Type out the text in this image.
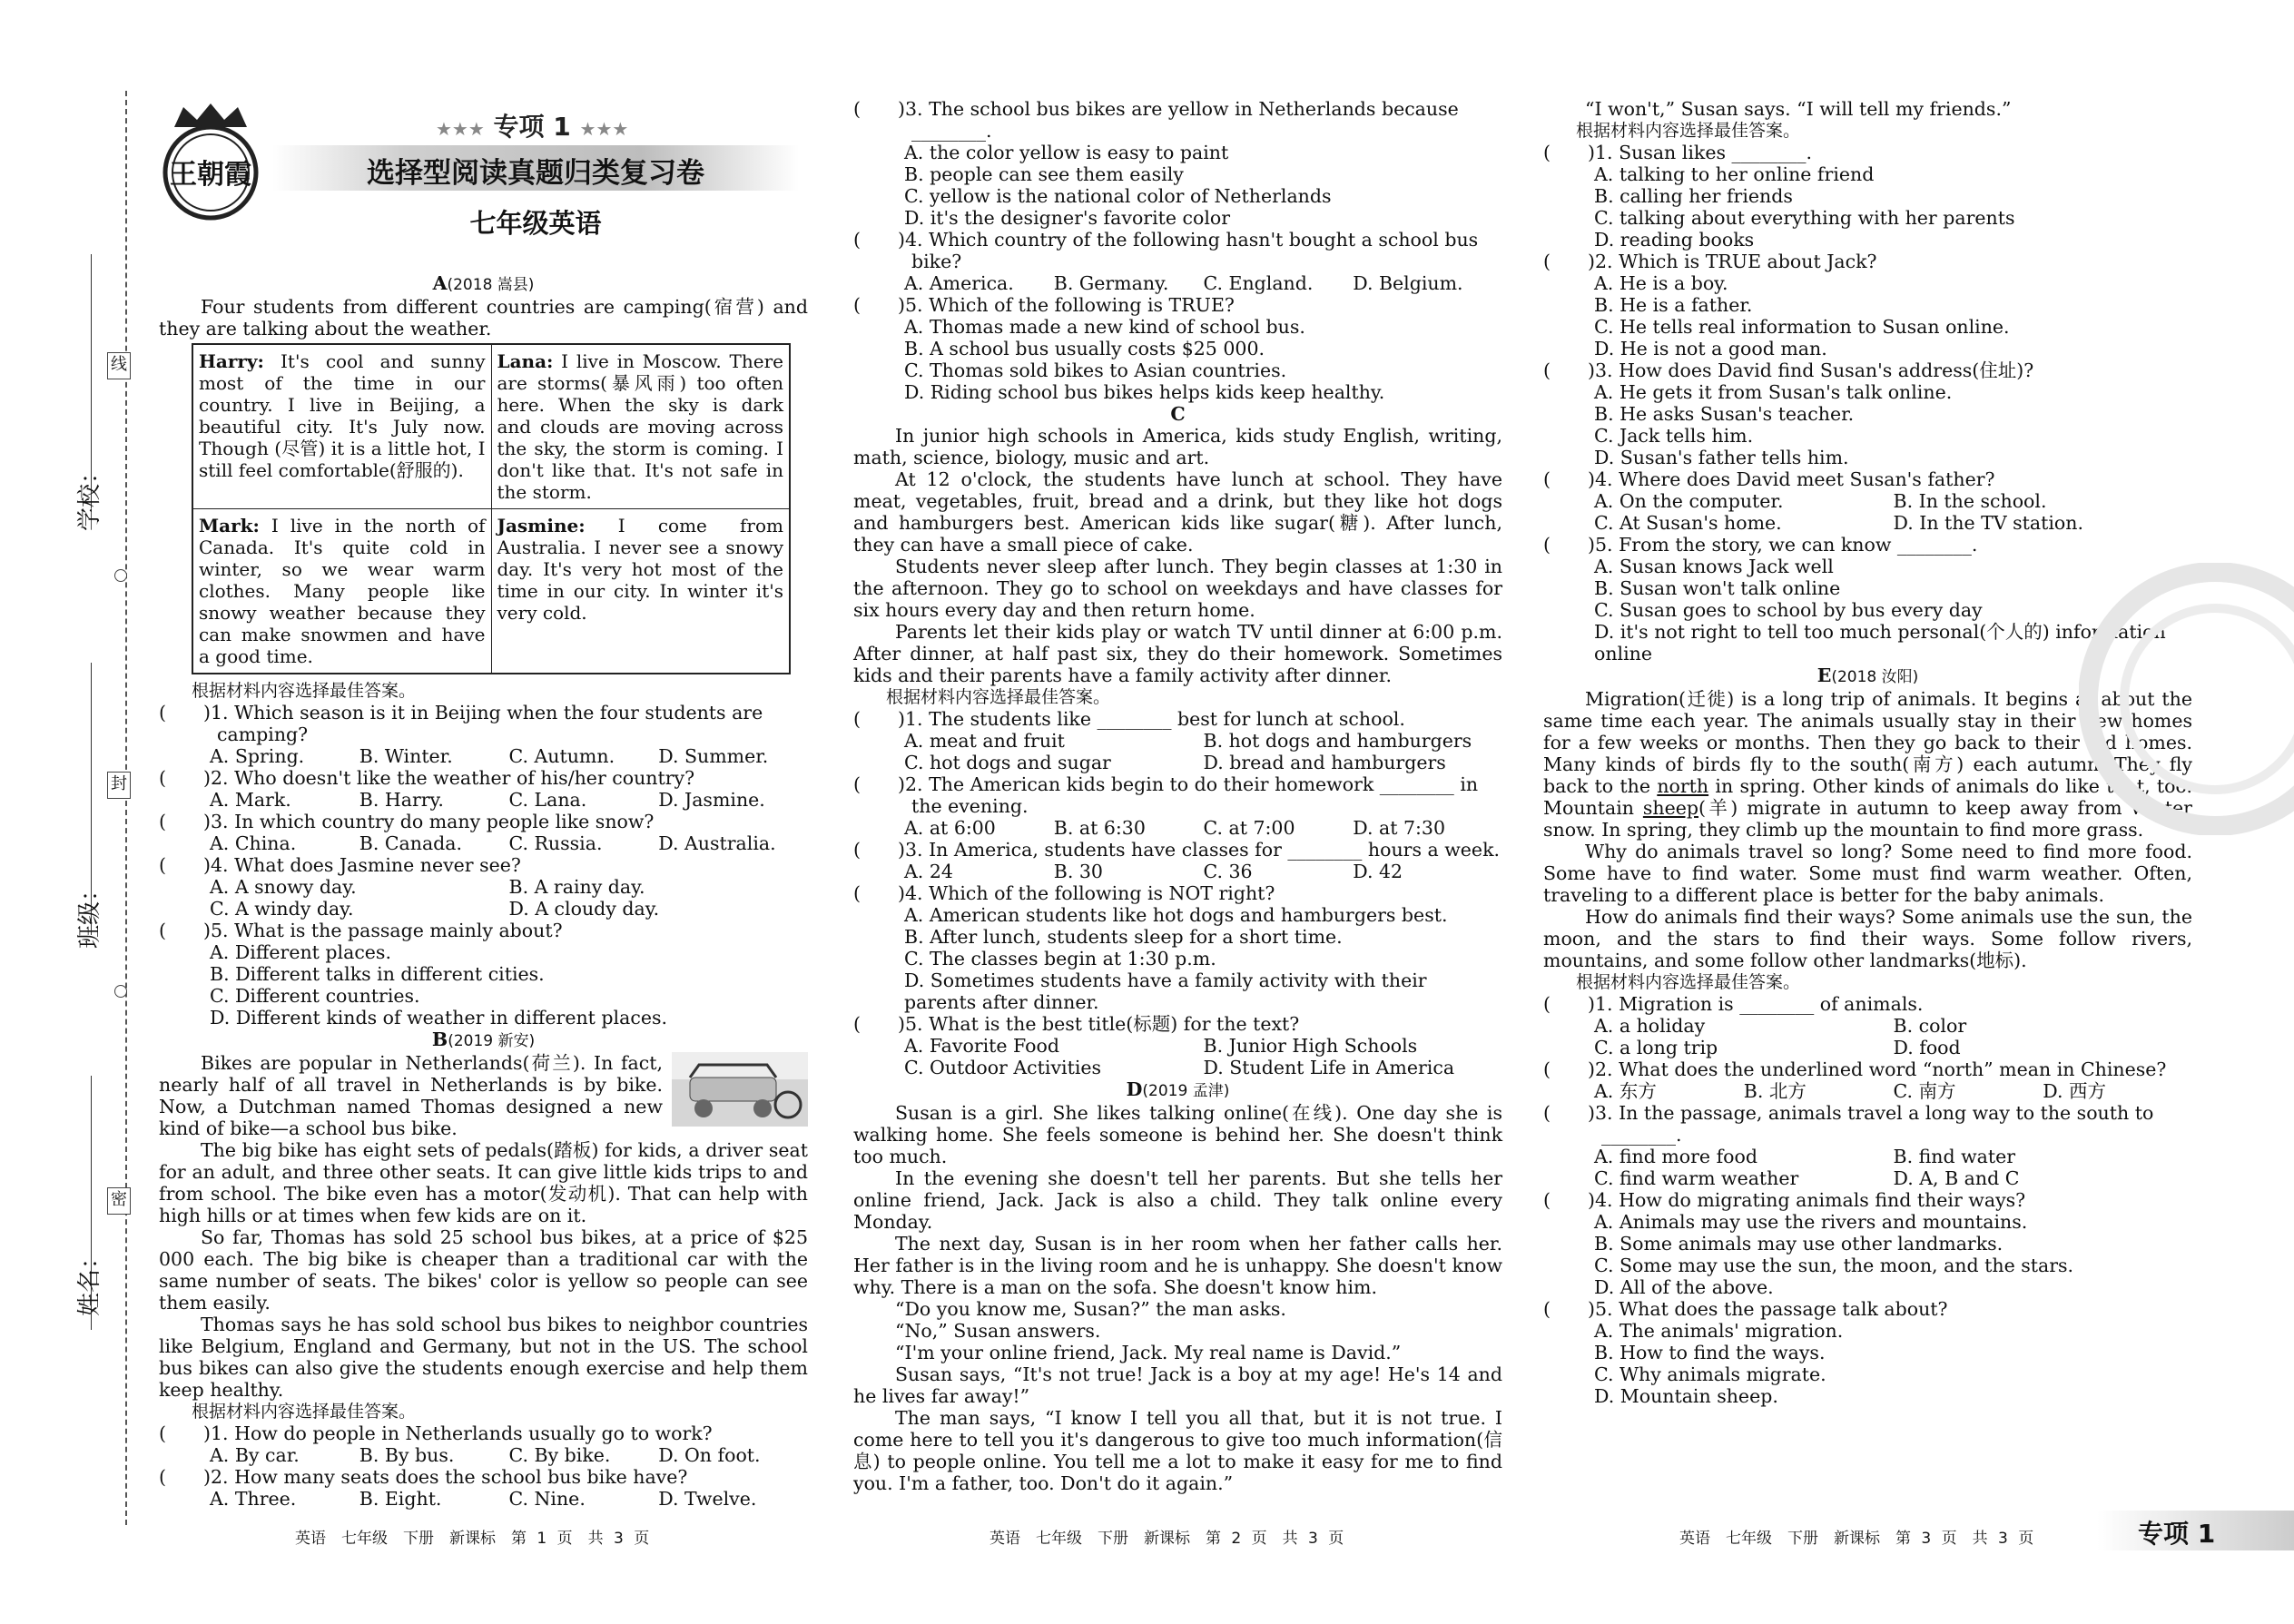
学校：
班级：
姓名：
线
封
密
王朝霞
★★★ 专项 1 ★★★
选择型阅读真题归类复习卷
七年级英语

A(2018 嵩县)

Four students from different countries are camping(宿营) and they are talking about the weather.

Harry: It's cool and sunny most of the time in our country. I live in Beijing, a beautiful city. It's July now. Though (尽管) it is a little hot, I still feel comfortable(舒服的).	Lana: I live in Moscow. There are storms(暴风雨) too often here. When the sky is dark and clouds are moving across the sky, the storm is coming. I don't like that. It's not safe in the storm.
Mark: I live in the north of Canada. It's quite cold in winter, so we wear warm clothes. Many people like snowy weather because they can make snowmen and have a good time.	Jasmine: I come from Australia. I never see a snowy day. It's very hot most of the time in our city. In winter it's very cold.

根据材料内容选择最佳答案。

(　　)1. Which season is it in Beijing when the four students are camping?

A. Spring.	B. Winter.	C. Autumn.	D. Summer.

(　　)2. Who doesn't like the weather of his/her country?

A. Mark.	B. Harry.	C. Lana.	D. Jasmine.

(　　)3. In which country do many people like snow?

A. China.	B. Canada.	C. Russia.	D. Australia.

(　　)4. What does Jasmine never see?

A. A snowy day.	B. A rainy day.
C. A windy day.	D. A cloudy day.

(　　)5. What is the passage mainly about?

A. Different places.

B. Different talks in different cities.

C. Different countries.

D. Different kinds of weather in different places.

B(2019 新安)

Bikes are popular in Netherlands(荷兰). In fact, nearly half of all travel in Netherlands is by bike. Now, a Dutchman named Thomas designed a new kind of bike—a school bus bike.

The big bike has eight sets of pedals(踏板) for kids, a driver seat for an adult, and three other seats. It can give little kids trips to and from school. The bike even has a motor(发动机). That can help with high hills or at times when few kids are on it.

So far, Thomas has sold 25 school bus bikes, at a price of $25 000 each. The big bike is cheaper than a traditional car with the same number of seats. The bikes' color is yellow so people can see them easily.

Thomas says he has sold school bus bikes to neighbor countries like Belgium, England and Germany, but not in the US. The school bus bikes can also give the students enough exercise and help them keep healthy.

根据材料内容选择最佳答案。

(　　)1. How do people in Netherlands usually go to work?

A. By car.	B. By bus.	C. By bike.	D. On foot.

(　　)2. How many seats does the school bus bike have?

A. Three.	B. Eight.	C. Nine.	D. Twelve.

(　　)3. The school bus bikes are yellow in Netherlands because ________.

A. the color yellow is easy to paint

B. people can see them easily

C. yellow is the national color of Netherlands

D. it's the designer's favorite color

(　　)4. Which country of the following hasn't bought a school bus bike?

A. America.	B. Germany.	C. England.	D. Belgium.

(　　)5. Which of the following is TRUE?

A. Thomas made a new kind of school bus.

B. A school bus usually costs $25 000.

C. Thomas sold bikes to Asian countries.

D. Riding school bus bikes helps kids keep healthy.

C

In junior high schools in America, kids study English, writing, math, science, biology, music and art.

At 12 o'clock, the students have lunch at school. They have meat, vegetables, fruit, bread and a drink, but they like hot dogs and hamburgers best. American kids like sugar(糖). After lunch, they can have a small piece of cake.

Students never sleep after lunch. They begin classes at 1:30 in the afternoon. They go to school on weekdays and have classes for six hours every day and then return home.

Parents let their kids play or watch TV until dinner at 6:00 p.m. After dinner, at half past six, they do their homework. Sometimes kids and their parents have a family activity after dinner.

根据材料内容选择最佳答案。

(　　)1. The students like ________ best for lunch at school.

A. meat and fruit	B. hot dogs and hamburgers
C. hot dogs and sugar	D. bread and hamburgers

(　　)2. The American kids begin to do their homework ________ in the evening.

A. at 6:00	B. at 6:30	C. at 7:00	D. at 7:30

(　　)3. In America, students have classes for ________ hours a week.

A. 24	B. 30	C. 36	D. 42

(　　)4. Which of the following is NOT right?

A. American students like hot dogs and hamburgers best.

B. After lunch, students sleep for a short time.

C. The classes begin at 1:30 p.m.

D. Sometimes students have a family activity with their parents after dinner.

(　　)5. What is the best title(标题) for the text?

A. Favorite Food	B. Junior High Schools
C. Outdoor Activities	D. Student Life in America

D(2019 孟津)

Susan is a girl. She likes talking online(在线). One day she is walking home. She feels someone is behind her. She doesn't think too much.

In the evening she doesn't tell her parents. But she tells her online friend, Jack. Jack is also a child. They talk online every Monday.

The next day, Susan is in her room when her father calls her. Her father is in the living room and he is unhappy. She doesn't know why. There is a man on the sofa. She doesn't know him.

“Do you know me, Susan?” the man asks.

“No,” Susan answers.

“I'm your online friend, Jack. My real name is David.”

Susan says, “It's not true! Jack is a boy at my age! He's 14 and he lives far away!”

The man says, “I know I tell you all that, but it is not true. I come here to tell you it's dangerous to give too much information(信息) to people online. You tell me a lot to make it easy for me to find you. I'm a father, too. Don't do it again.”

“I won't,” Susan says. “I will tell my friends.”

根据材料内容选择最佳答案。

(　　)1. Susan likes ________.

A. talking to her online friend

B. calling her friends

C. talking about everything with her parents

D. reading books

(　　)2. Which is TRUE about Jack?

A. He is a boy.

B. He is a father.

C. He tells real information to Susan online.

D. He is not a good man.

(　　)3. How does David find Susan's address(住址)?

A. He gets it from Susan's talk online.

B. He asks Susan's teacher.

C. Jack tells him.

D. Susan's father tells him.

(　　)4. Where does David meet Susan's father?

A. On the computer.	B. In the school.
C. At Susan's home.	D. In the TV station.

(　　)5. From the story, we can know ________.

A. Susan knows Jack well

B. Susan won't talk online

C. Susan goes to school by bus every day

D. it's not right to tell too much personal(个人的) information online

E(2018 汝阳)

Migration(迁徙) is a long trip of animals. It begins at about the same time each year. The animals usually stay in their new homes for a few weeks or months. Then they go back to their old homes. Many kinds of birds fly to the south(南方) each autumn. They fly back to the north in spring. Other kinds of animals do like that, too. Mountain sheep(羊) migrate in autumn to keep away from winter snow. In spring, they climb up the mountain to find more grass.

Why do animals travel so long? Some need to find more food. Some have to find water. Some must find warm weather. Often, traveling to a different place is better for the baby animals.

How do animals find their ways? Some animals use the sun, the moon, and the stars to find their ways. Some follow rivers, mountains, and some follow other landmarks(地标).

根据材料内容选择最佳答案。

(　　)1. Migration is ________ of animals.

A. a holiday	B. color
C. a long trip	D. food

(　　)2. What does the underlined word “north” mean in Chinese?

A. 东方	B. 北方	C. 南方	D. 西方

(　　)3. In the passage, animals travel a long way to the south to ________.

A. find more food	B. find water
C. find warm weather	D. A, B and C

(　　)4. How do migrating animals find their ways?

A. Animals may use the rivers and mountains.

B. Some animals may use other landmarks.

C. Some may use the sun, the moon, and the stars.

D. All of the above.

(　　)5. What does the passage talk about?

A. The animals' migration.

B. How to find the ways.

C. Why animals migrate.

D. Mountain sheep.

英语　七年级　下册　新课标　第 1 页　共 3 页	英语　七年级　下册　新课标　第 2 页　共 3 页	英语　七年级　下册　新课标　第 3 页　共 3 页	专项 1
